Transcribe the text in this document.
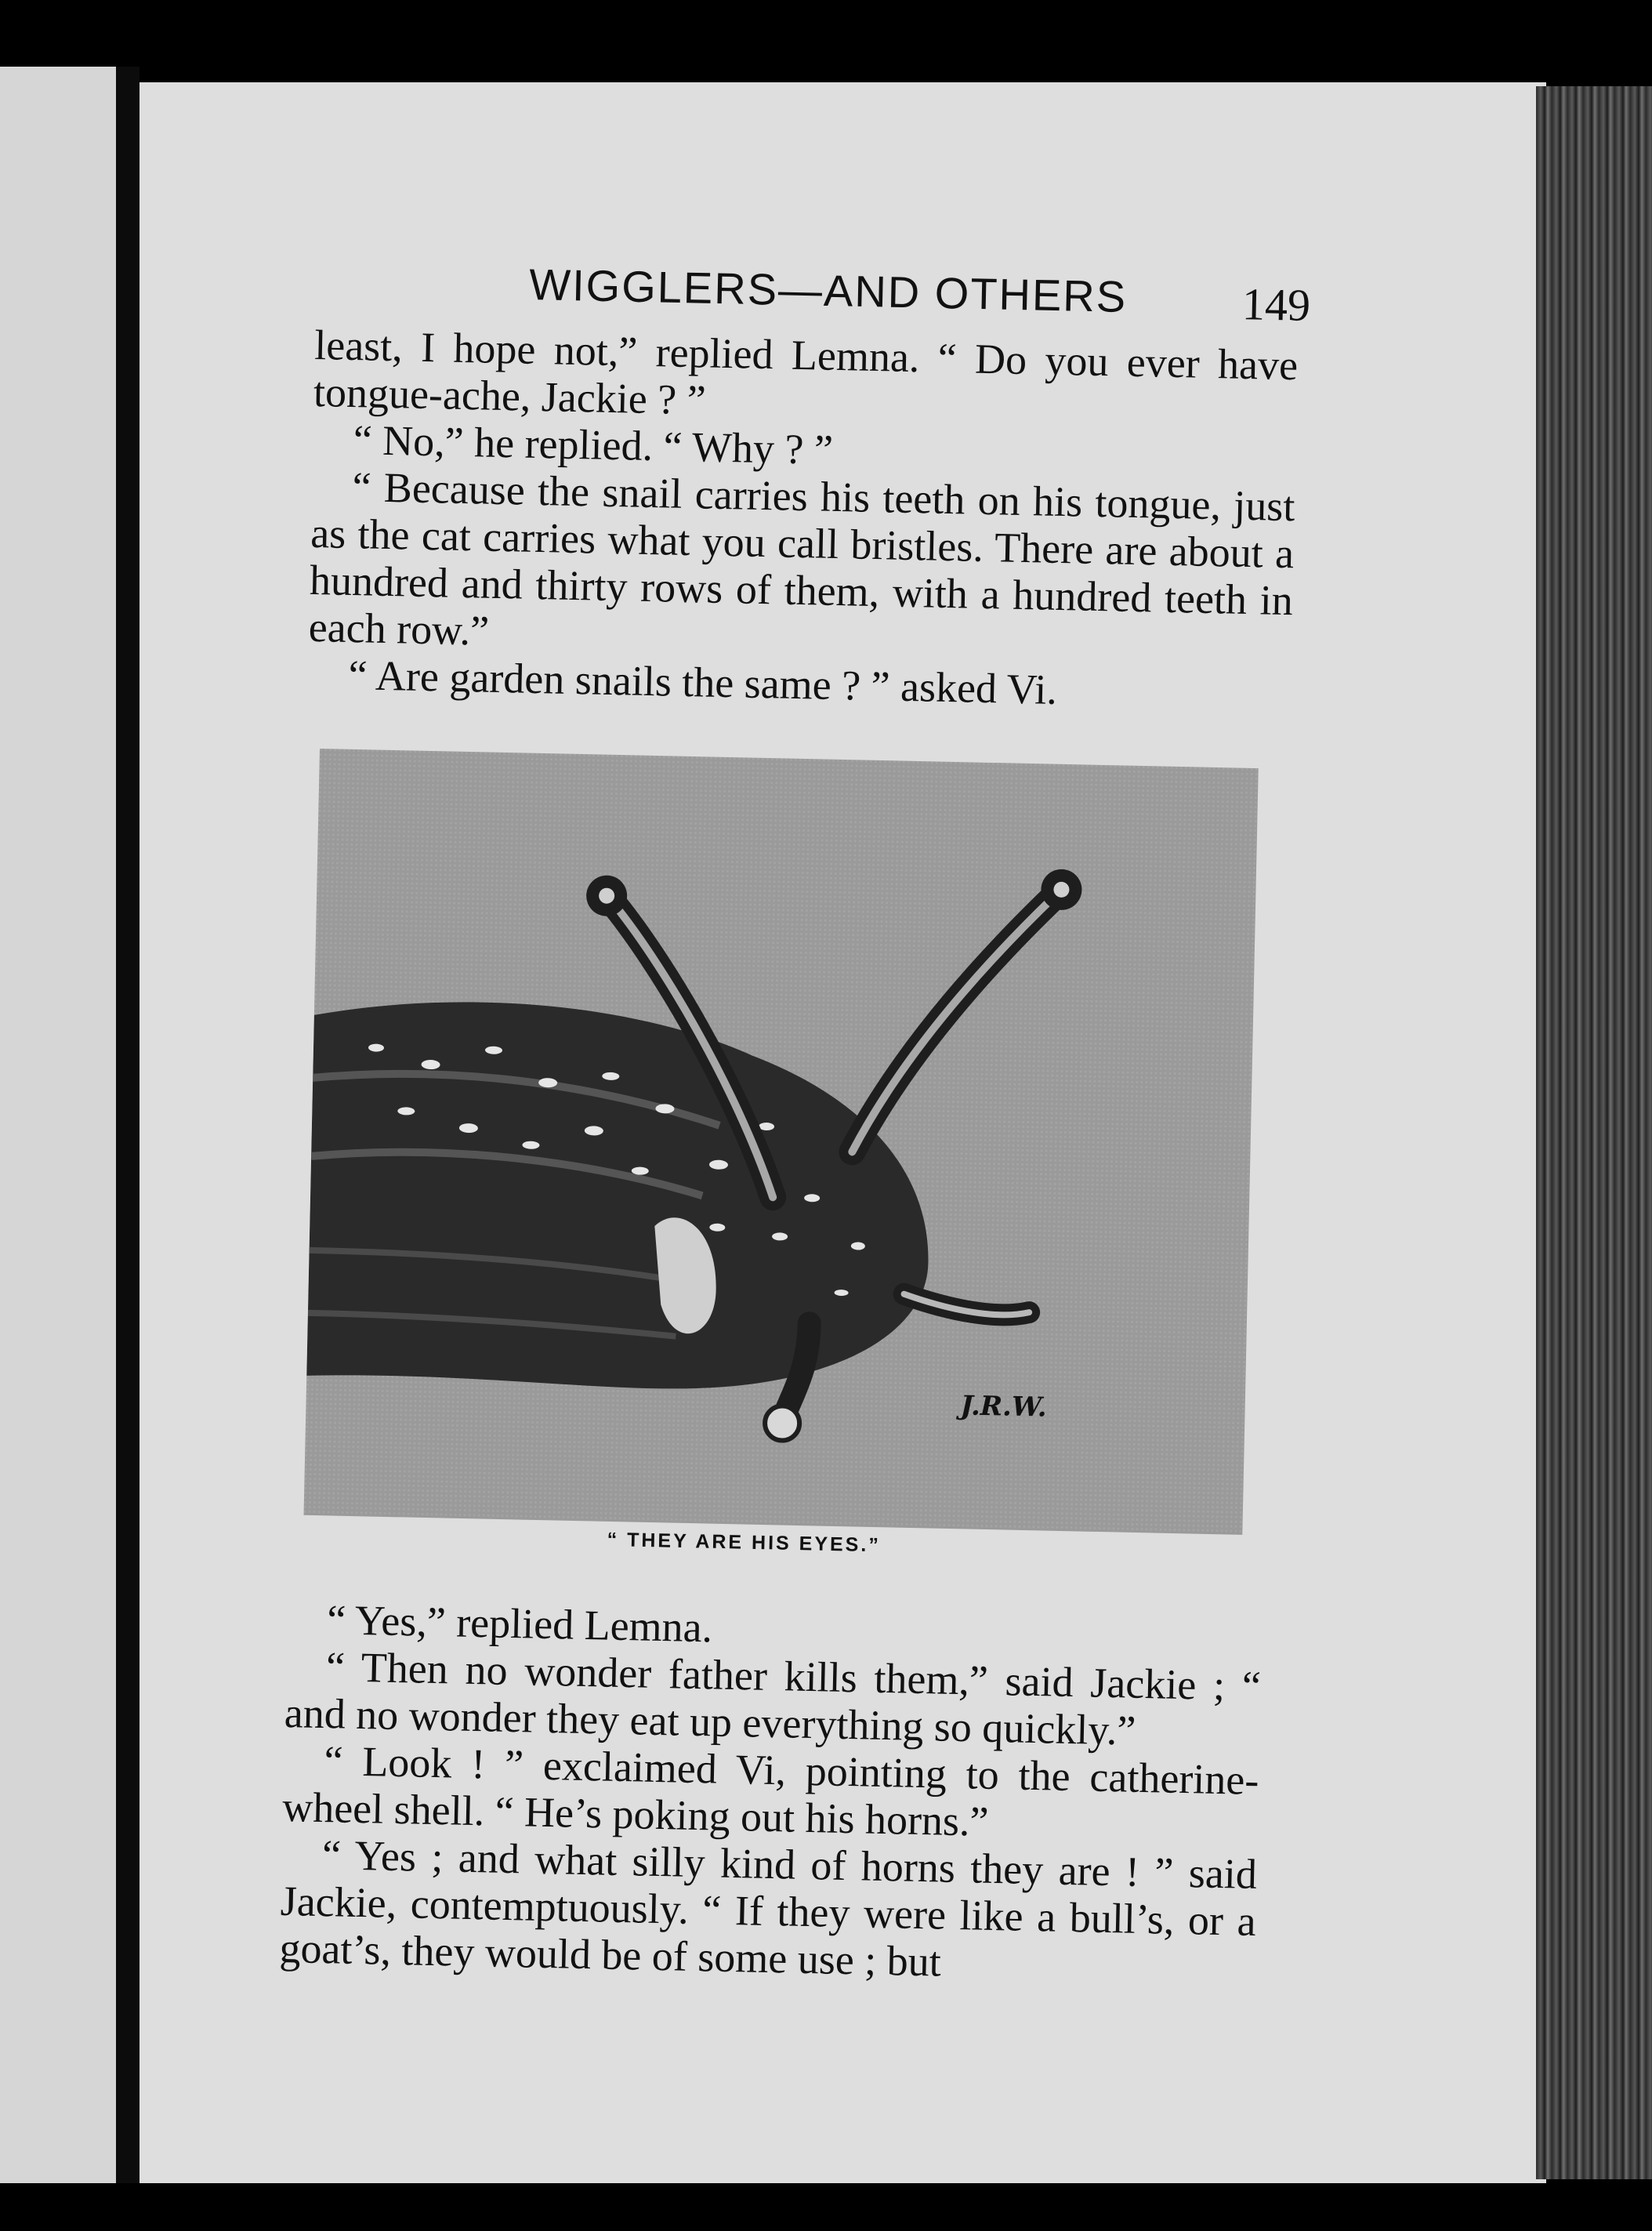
WIGGLERS—AND OTHERS	149

least, I hope not,” replied Lemna. “ Do you ever have tongue-ache, Jackie ? ”

“ No,” he replied. “ Why ? ”

“ Because the snail carries his teeth on his tongue, just as the cat carries what you call bristles. There are about a hundred and thirty rows of them, with a hundred teeth in each row.”

“ Are garden snails the same ? ” asked Vi.

J.R.W.
“ THEY ARE HIS EYES.”

“ Yes,” replied Lemna.

“ Then no wonder father kills them,” said Jackie ; “ and no wonder they eat up everything so quickly.”

“ Look ! ” exclaimed Vi, pointing to the catherine-wheel shell. “ He’s poking out his horns.”

“ Yes ; and what silly kind of horns they are ! ” said Jackie, contemptuously. “ If they were like a bull’s, or a goat’s, they would be of some use ; but
